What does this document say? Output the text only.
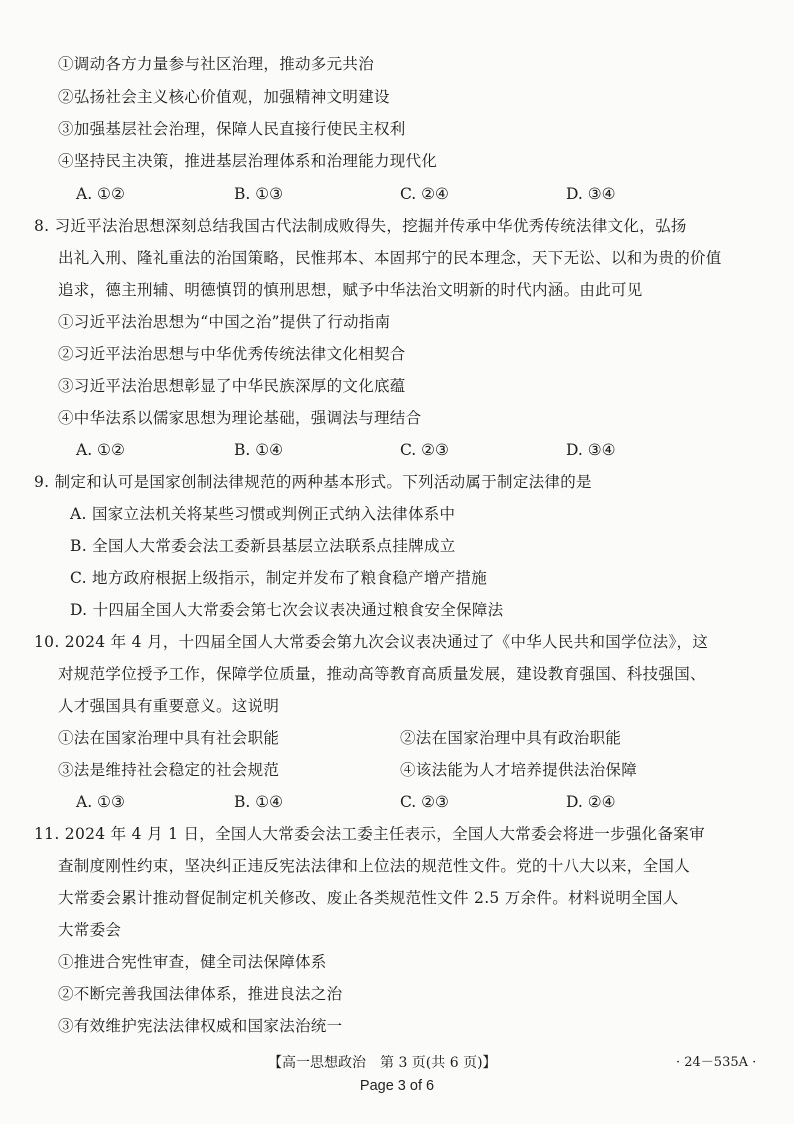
①调动各方力量参与社区治理，推动多元共治
②弘扬社会主义核心价值观，加强精神文明建设
③加强基层社会治理，保障人民直接行使民主权利
④坚持民主决策，推进基层治理体系和治理能力现代化
A. ①②	B. ①③	C. ②④	D. ③④
8. 习近平法治思想深刻总结我国古代法制成败得失，挖掘并传承中华优秀传统法律文化，弘扬
出礼入刑、隆礼重法的治国策略，民惟邦本、本固邦宁的民本理念，天下无讼、以和为贵的价值
追求，德主刑辅、明德慎罚的慎刑思想，赋予中华法治文明新的时代内涵。由此可见
①习近平法治思想为“中国之治”提供了行动指南
②习近平法治思想与中华优秀传统法律文化相契合
③习近平法治思想彰显了中华民族深厚的文化底蕴
④中华法系以儒家思想为理论基础，强调法与理结合
A. ①②	B. ①④	C. ②③	D. ③④
9. 制定和认可是国家创制法律规范的两种基本形式。下列活动属于制定法律的是
A. 国家立法机关将某些习惯或判例正式纳入法律体系中
B. 全国人大常委会法工委新县基层立法联系点挂牌成立
C. 地方政府根据上级指示，制定并发布了粮食稳产增产措施
D. 十四届全国人大常委会第七次会议表决通过粮食安全保障法
10. 2024 年 4 月，十四届全国人大常委会第九次会议表决通过了《中华人民共和国学位法》，这
对规范学位授予工作，保障学位质量，推动高等教育高质量发展，建设教育强国、科技强国、
人才强国具有重要意义。这说明
①法在国家治理中具有社会职能	②法在国家治理中具有政治职能
③法是维持社会稳定的社会规范	④该法能为人才培养提供法治保障
A. ①③	B. ①④	C. ②③	D. ②④
11. 2024 年 4 月 1 日，全国人大常委会法工委主任表示，全国人大常委会将进一步强化备案审
查制度刚性约束，坚决纠正违反宪法法律和上位法的规范性文件。党的十八大以来，全国人
大常委会累计推动督促制定机关修改、废止各类规范性文件 2.5 万余件。材料说明全国人
大常委会
①推进合宪性审查，健全司法保障体系
②不断完善我国法律体系，推进良法之治
③有效维护宪法法律权威和国家法治统一
【高一思想政治　第 3 页(共 6 页)】	· 24－535A ·
Page 3 of 6
